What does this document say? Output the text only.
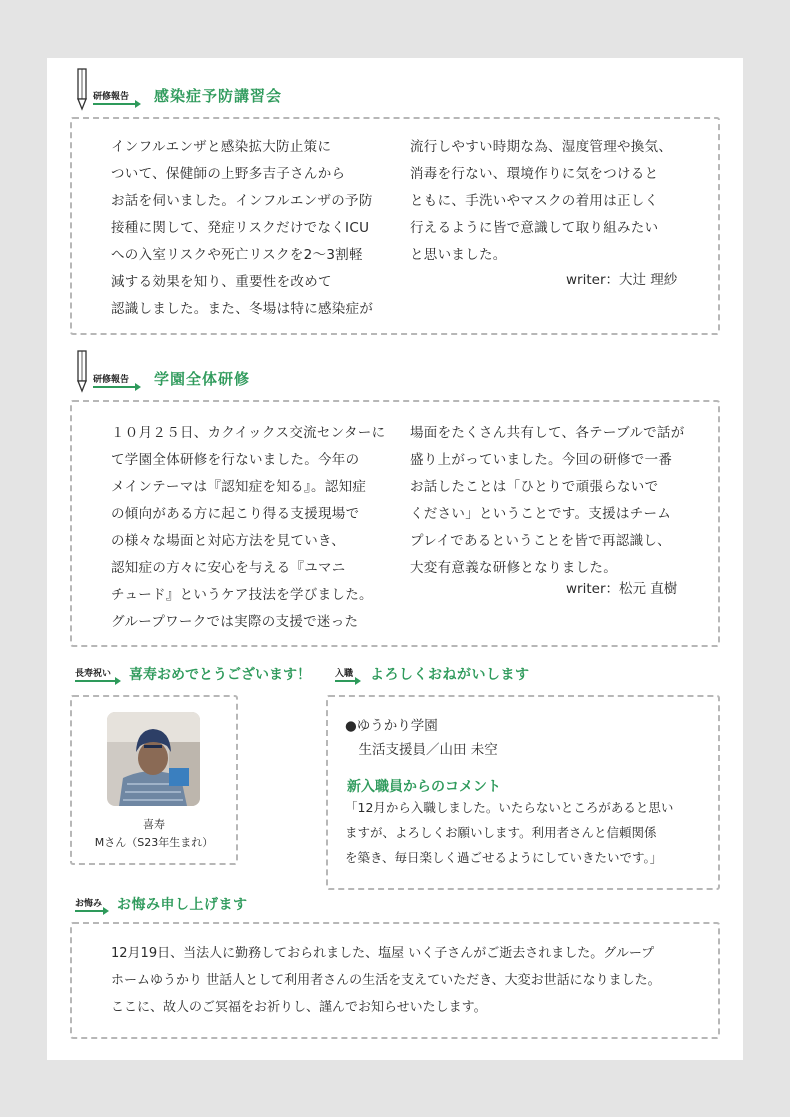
研修報告 感染症予防講習会

インフルエンザと感染拡大防止策に

ついて、保健師の上野多吉子さんから

お話を伺いました。インフルエンザの予防

接種に関して、発症リスクだけでなくICU

への入室リスクや死亡リスクを2〜3割軽

減する効果を知り、重要性を改めて

認識しました。また、冬場は特に感染症が

流行しやすい時期な為、湿度管理や換気、

消毒を行ない、環境作りに気をつけると

ともに、手洗いやマスクの着用は正しく

行えるように皆で意識して取り組みたい

と思いました。

writer：大辻 理紗
研修報告 学園全体研修

１０月２５日、カクイックス交流センターに

て学園全体研修を行ないました。今年の

メインテーマは『認知症を知る』。認知症

の傾向がある方に起こり得る支援現場で

の様々な場面と対応方法を見ていき、

認知症の方々に安心を与える『ユマニ

チュード』というケア技法を学びました。

グループワークでは実際の支援で迷った

場面をたくさん共有して、各テーブルで話が

盛り上がっていました。今回の研修で一番

お話したことは「ひとりで頑張らないで

ください」ということです。支援はチーム

プレイであるということを皆で再認識し、

大変有意義な研修となりました。

writer：松元 直樹
長寿祝い 喜寿おめでとうございます！
喜寿
Mさん（S23年生まれ）
入職 よろしくおねがいします

●ゆうかり学園

　生活支援員／山田 未空

新入職員からのコメント

「12月から入職しました。いたらないところがあると思い

ますが、よろしくお願いします。利用者さんと信頼関係

を築き、毎日楽しく過ごせるようにしていきたいです。」

お悔み お悔み申し上げます

12月19日、当法人に勤務しておられました、塩屋 いく子さんがご逝去されました。グループ

ホームゆうかり 世話人として利用者さんの生活を支えていただき、大変お世話になりました。

ここに、故人のご冥福をお祈りし、謹んでお知らせいたします。
